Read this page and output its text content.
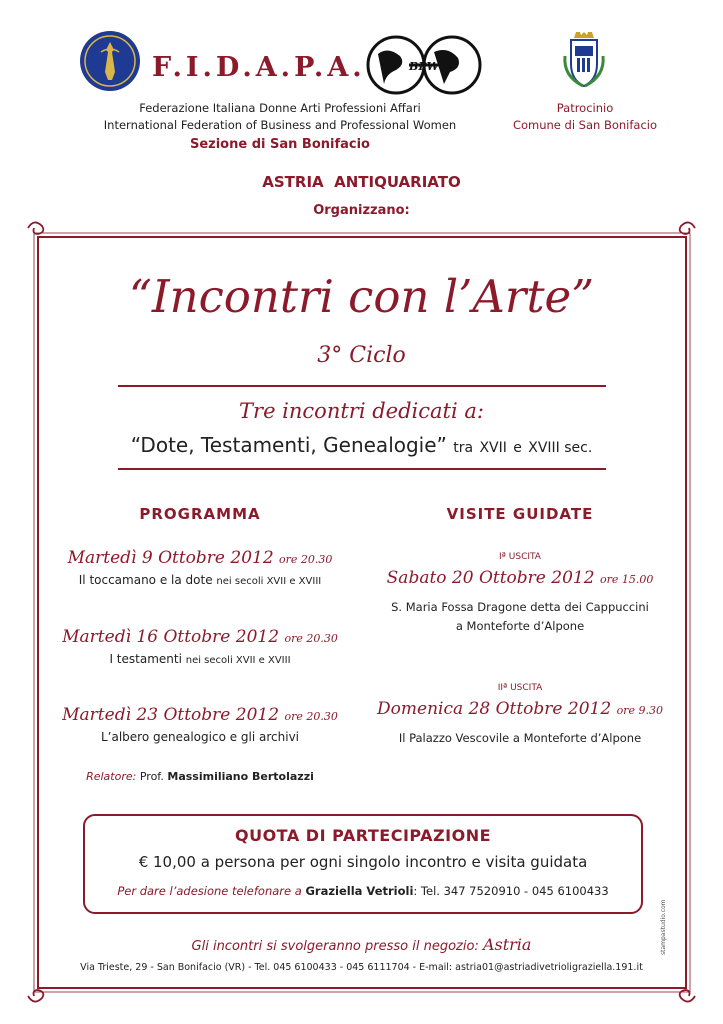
F.I.D.A.P.A.	BPW
Federazione Italiana Donne Arti Professioni Affari
International Federation of Business and Professional Women
Sezione di San Bonifacio
Patrocinio
Comune di San Bonifacio
ASTRIA  ANTIQUARIATO
Organizzano:
“Incontri con l’Arte”
3° Ciclo
Tre incontri dedicati a:
“Dote, Testamenti, Genealogie” tra XVII e XVIII sec.
PROGRAMMA
Martedì 9 Ottobre 2012 ore 20.30
Il toccamano e la dote nei secoli XVII e XVIII
Martedì 16 Ottobre 2012 ore 20.30
I testamenti nei secoli XVII e XVIII
Martedì 23 Ottobre 2012 ore 20.30
L’albero genealogico e gli archivi
Relatore: Prof. Massimiliano Bertolazzi
VISITE GUIDATE
Iª USCITA
Sabato 20 Ottobre 2012 ore 15.00
S. Maria Fossa Dragone detta dei Cappuccini
a Monteforte d’Alpone
IIª USCITA
Domenica 28 Ottobre 2012 ore 9.30
Il Palazzo Vescovile a Monteforte d’Alpone
QUOTA DI PARTECIPAZIONE
€ 10,00 a persona per ogni singolo incontro e visita guidata
Per dare l’adesione telefonare a Graziella Vetrioli: Tel. 347 7520910 - 045 6100433
Gli incontri si svolgeranno presso il negozio: Astria
Via Trieste, 29 - San Bonifacio (VR) - Tel. 045 6100433 - 045 6111704 - E-mail: astria01@astriadivetrioligraziella.191.it
stampastudio.com
